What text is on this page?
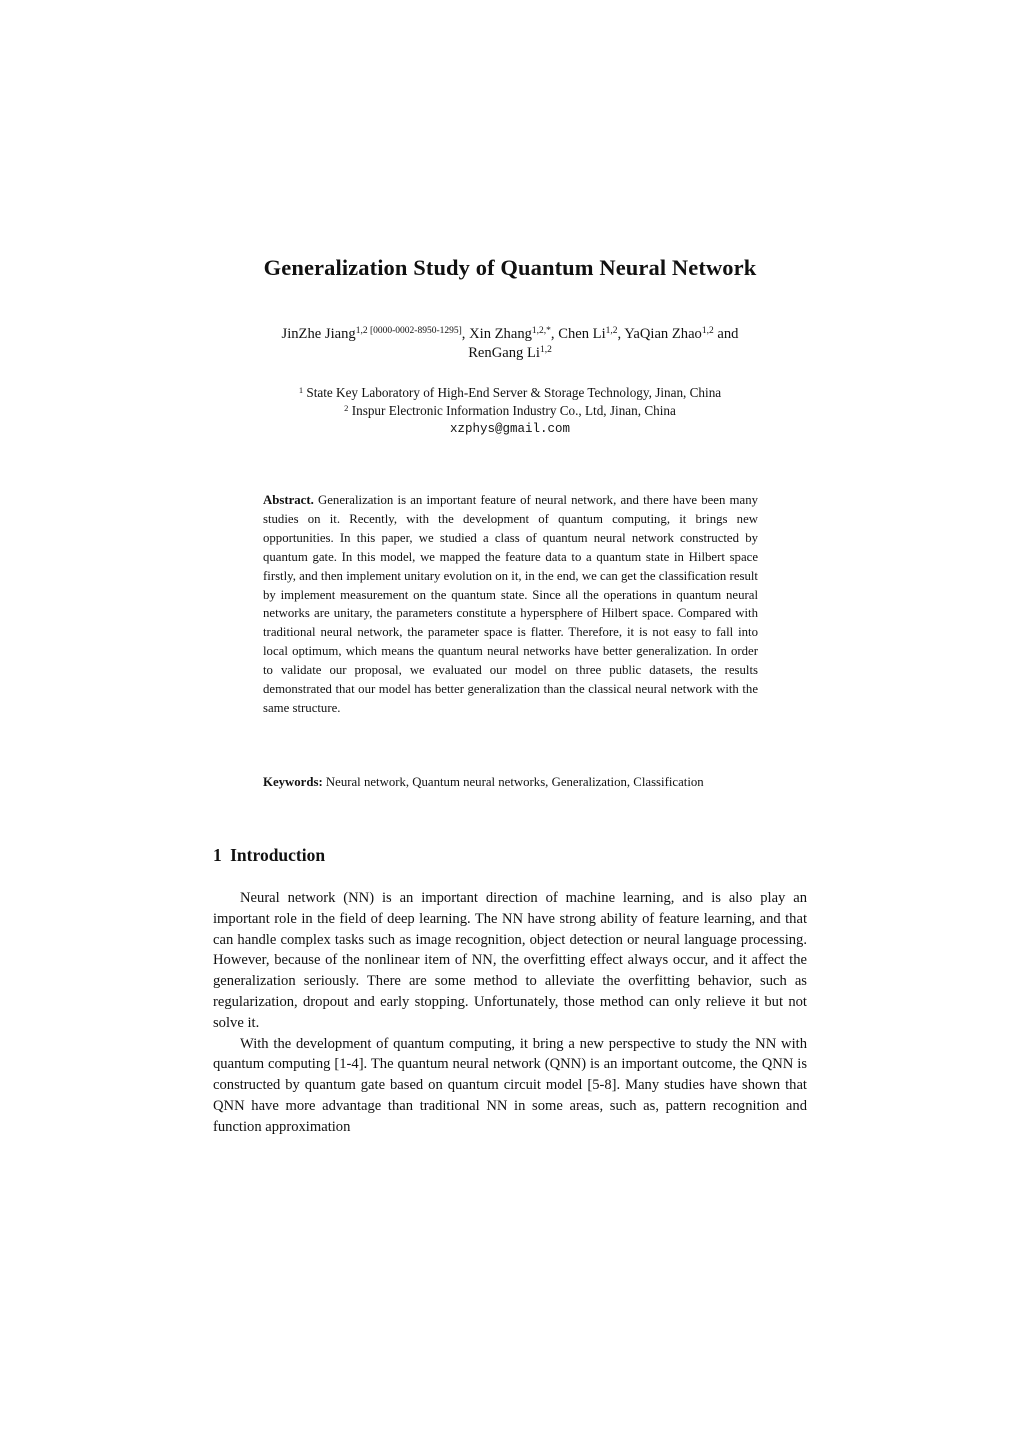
Generalization Study of Quantum Neural Network
JinZhe Jiang$^{1,2 [0000-0002-8950-1295]}$, Xin Zhang$^{1,2,*}$, Chen Li$^{1,2}$, YaQian Zhao$^{1,2}$ and
RenGang Li$^{1,2}$
$^1$ State Key Laboratory of High-End Server & Storage Technology, Jinan, China
$^2$ Inspur Electronic Information Industry Co., Ltd, Jinan, China
xzphys@gmail.com
Abstract. Generalization is an important feature of neural network, and there have been many studies on it. Recently, with the development of quantum computing, it brings new opportunities. In this paper, we studied a class of quantum neural network constructed by quantum gate. In this model, we mapped the feature data to a quantum state in Hilbert space firstly, and then implement unitary evolution on it, in the end, we can get the classification result by implement measurement on the quantum state. Since all the operations in quantum neural networks are unitary, the parameters constitute a hypersphere of Hilbert space. Compared with traditional neural network, the parameter space is flatter. Therefore, it is not easy to fall into local optimum, which means the quantum neural networks have better generalization. In order to validate our proposal, we evaluated our model on three public datasets, the results demonstrated that our model has better generalization than the classical neural network with the same structure.
Keywords: Neural network, Quantum neural networks, Generalization, Classification
1 Introduction

Neural network (NN) is an important direction of machine learning, and is also play an important role in the field of deep learning. The NN have strong ability of feature learning, and that can handle complex tasks such as image recognition, object detection or neural language processing. However, because of the nonlinear item of NN, the overfitting effect always occur, and it affect the generalization seriously. There are some method to alleviate the overfitting behavior, such as regularization, dropout and early stopping. Unfortunately, those method can only relieve it but not solve it.

With the development of quantum computing, it bring a new perspective to study the NN with quantum computing [1-4]. The quantum neural network (QNN) is an important outcome, the QNN is constructed by quantum gate based on quantum circuit model [5-8]. Many studies have shown that QNN have more advantage than traditional NN in some areas, such as, pattern recognition and function approximation
